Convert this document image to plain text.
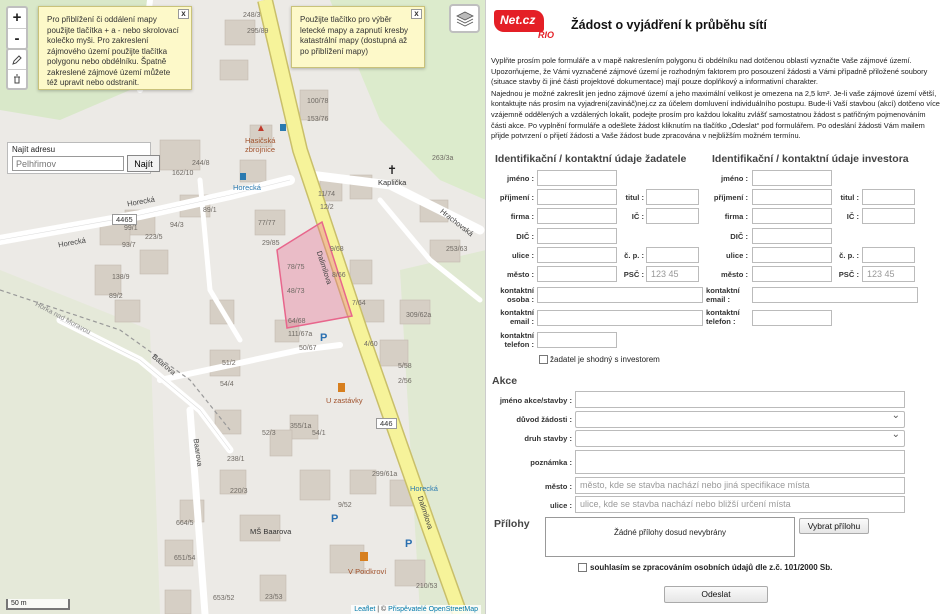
4465
446
Horecká
Horecká
Hrachovská
Dalimilova
Dalimilova
Baarova
Baarova
Horka nad Moravou
Hasičská zbrojnice
Kaplička
MŠ Baarova
U zastávky
V Poidkroví
Horecká
Horecká
P
P
P
✝
▲
248/3
295/89
100/78
153/76
244/8
162/10
89/1
77/77
11/74
12/2
263/3a
223/5
94/3
99/1
93/7
138/9
89/2
29/85
9/68
78/75
48/73
64/68
8/66
7/64
111/67a
50/67
4/60
309/62a
253/63
5/58
2/56
51/2
54/4
355/1a
52/3	54/1
238/1
220/3
664/5
651/54
653/52	23/53
210/53
299/61a
9/52
+
-
x
Pro přiblížení či oddálení mapy použijte tlačítka + a - nebo skrolovací kolečko myši. Pro zakreslení zájmového území použijte tlačítka polygonu nebo obdélníku. Špatně zakreslené zájmové území můžete též upravit nebo odstranit.
x
Použijte tlačítko pro výběr letecké mapy a zapnutí kresby katastrální mapy (dostupná až po přiblížení mapy)
Najít adresu
Pelhřimov
Najít
50 m
Leaflet | © Přispěvatelé OpenStreetMap
Net.cz
RIO
Žádost o vyjádření k průběhu sítí

Vyplňte prosím pole formuláře a v mapě nakreslením polygonu či obdélníku nad dotčenou oblastí vyznačte Vaše zájmové území. Upozorňujeme, že Vámi vyznačené zájmové území je rozhodným faktorem pro posouzení žádosti a Vámi případně přiložené soubory (situace stavby či jiné části projektové dokumentace) mají pouze doplňkový a informativní charakter.

Najednou je možné zakreslit jen jedno zájmové území a jeho maximální velikost je omezena na 2,5 km². Je-li vaše zájmové území větší, kontaktujte nás prosím na vyjadreni(zavináč)nej.cz za účelem domluvení individuálního postupu. Bude-li Vaší stavbou (akcí) dotčeno více vzájemně oddělených a vzdálených lokalit, podejte prosím pro každou lokalitu zvlášť samostatnou žádost s patřičným pojmenováním části akce. Po vyplnění formuláře a odešlete žádost kliknutím na tlačítko „Odeslat“ pod formulářem. Po odeslání žádosti Vám mailem přijde potvrzení o přijetí žádosti a Vaše žádost bude zpracována v nejbližším možném termínu.

Identifikační / kontaktní údaje žadatele Identifikační / kontaktní údaje investora
jméno :
příjmení :	titul :
firma :	IČ :
DIČ :
ulice :	č. p. :
město :	PSČ : 123 45
kontaktní osoba :
kontaktní email :
kontaktní telefon :
žadatel je shodný s investorem
jméno :
příjmení :	titul :
firma :	IČ :
DIČ :
ulice :	č. p. :
město :	PSČ : 123 45
kontaktní email :
kontaktní telefon :
Akce
jméno akce/stavby :
důvod žádosti :
⌄
druh stavby :
⌄
poznámka :
město : město, kde se stavba nachází nebo jiná specifikace místa
ulice : ulice, kde se stavba nachází nebo bližší určení místa
Přílohy
Žádné přílohy dosud nevybrány
Vybrat přílohu
souhlasím se zpracováním osobních údajů dle z.č. 101/2000 Sb.
Odeslat
